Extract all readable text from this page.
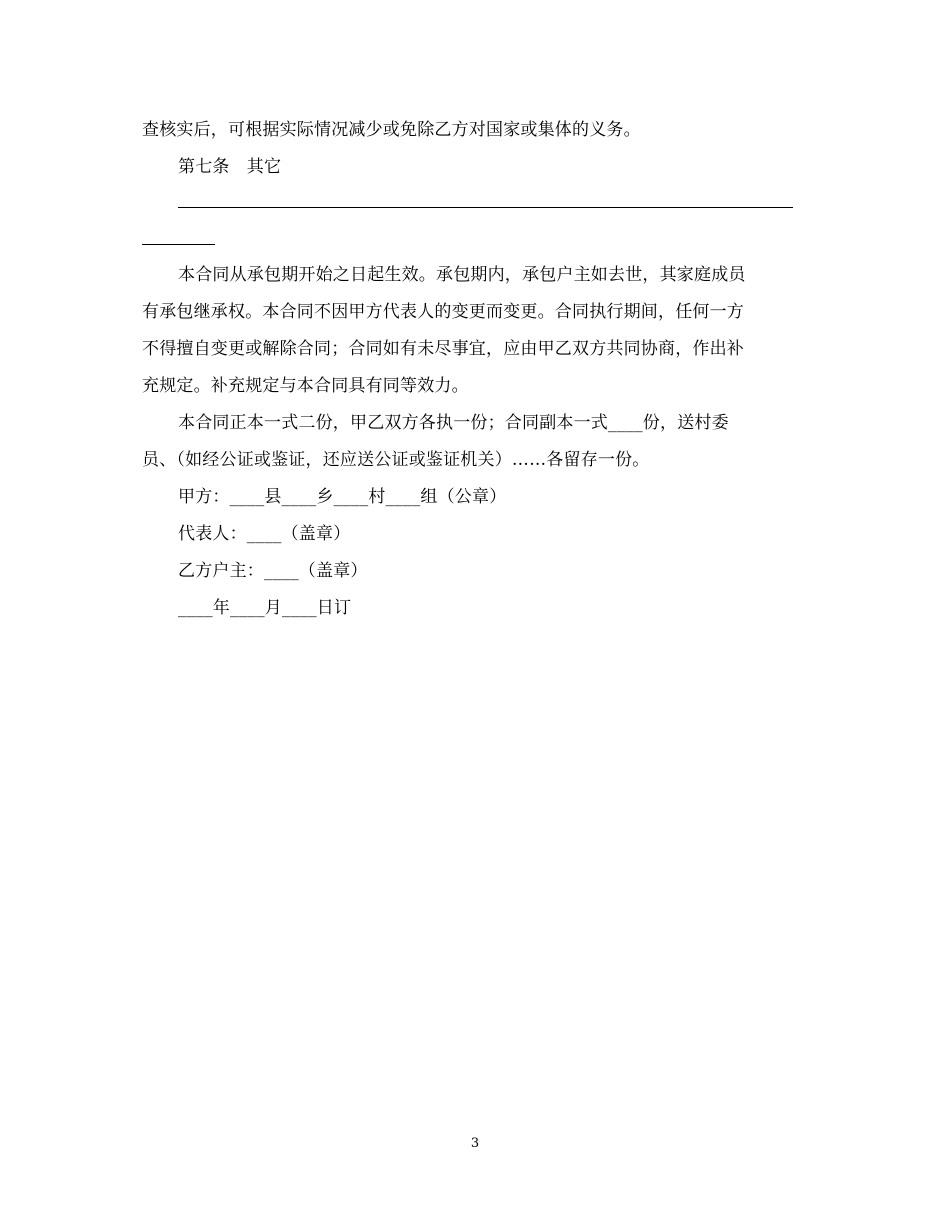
查核实后，可根据实际情况减少或免除乙方对国家或集体的义务。
第七条　其它
本合同从承包期开始之日起生效。承包期内，承包户主如去世，其家庭成员
有承包继承权。本合同不因甲方代表人的变更而变更。合同执行期间，任何一方
不得擅自变更或解除合同；合同如有未尽事宜，应由甲乙双方共同协商，作出补
充规定。补充规定与本合同具有同等效力。
本合同正本一式二份，甲乙双方各执一份；合同副本一式____份，送村委
员、（如经公证或鉴证，还应送公证或鉴证机关）……各留存一份。
甲方：____县____乡____村____组（公章）
代表人：____（盖章）
乙方户主：____（盖章）
____年____月____日订
3
